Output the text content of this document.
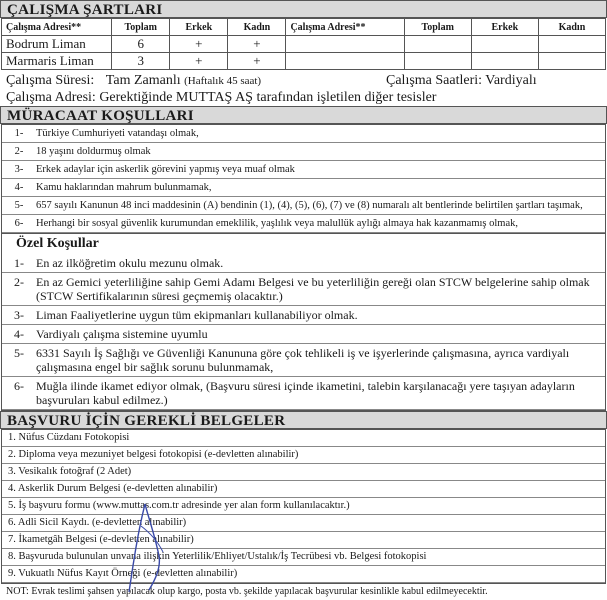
ÇALIŞMA ŞARTLARI
Çalışma Adresi**	Toplam	Erkek	Kadın	Çalışma Adresi**	Toplam	Erkek	Kadın
Bodrum Liman	6	+	+				
Marmaris Liman	3	+	+				
Çalışma Süresi: Tam Zamanlı (Haftalık 45 saat)	Çalışma Saatleri: Vardiyalı
Çalışma Adresi: Gerektiğinde MUTTAŞ AŞ tarafından işletilen diğer tesisler
MÜRACAAT KOŞULLARI
1-	Türkiye Cumhuriyeti vatandaşı olmak,
2-	18 yaşını doldurmuş olmak
3-	Erkek adaylar için askerlik görevini yapmış veya muaf olmak
4-	Kamu haklarından mahrum bulunmamak,
5-	657 sayılı Kanunun 48 inci maddesinin (A) bendinin (1), (4), (5), (6), (7) ve (8) numaralı alt bentlerinde belirtilen şartları taşımak,
6-	Herhangi bir sosyal güvenlik kurumundan emeklilik, yaşlılık veya malullük aylığı almaya hak kazanmamış olmak,
Özel Koşullar
1-	En az ilköğretim okulu mezunu olmak.
2-	En az Gemici yeterliliğine sahip Gemi Adamı Belgesi ve bu yeterliliğin gereği olan STCW belgelerine sahip olmak (STCW Sertifikalarının süresi geçmemiş olacaktır.)
3-	Liman Faaliyetlerine uygun tüm ekipmanları kullanabiliyor olmak.
4-	Vardiyalı çalışma sistemine uyumlu
5-	6331 Sayılı İş Sağlığı ve Güvenliği Kanununa göre çok tehlikeli iş ve işyerlerinde çalışmasına, ayrıca vardiyalı çalışmasına engel bir sağlık sorunu bulunmamak,
6-	Muğla ilinde ikamet ediyor olmak, (Başvuru süresi içinde ikametini, talebin karşılanacağı yere taşıyan adayların başvuruları kabul edilmez.)
BAŞVURU İÇİN GEREKLİ BELGELER
1. Nüfus Cüzdanı Fotokopisi
2. Diploma veya mezuniyet belgesi fotokopisi (e-devletten alınabilir)
3. Vesikalık fotoğraf (2 Adet)
4. Askerlik Durum Belgesi (e-devletten alınabilir)
5. İş başvuru formu (www.muttas.com.tr adresinde yer alan form kullanılacaktır.)
6. Adli Sicil Kaydı. (e-devletten alınabilir)
7. İkametgâh Belgesi (e-devletten alınabilir)
8. Başvuruda bulunulan unvana ilişkin Yeterlilik/Ehliyet/Ustalık/İş Tecrübesi vb. Belgesi fotokopisi
9. Vukuatlı Nüfus Kayıt Örneği (e-devletten alınabilir)
NOT: Evrak teslimi şahsen yapılacak olup kargo, posta vb. şekilde yapılacak başvurular kesinlikle kabul edilmeyecektir.
